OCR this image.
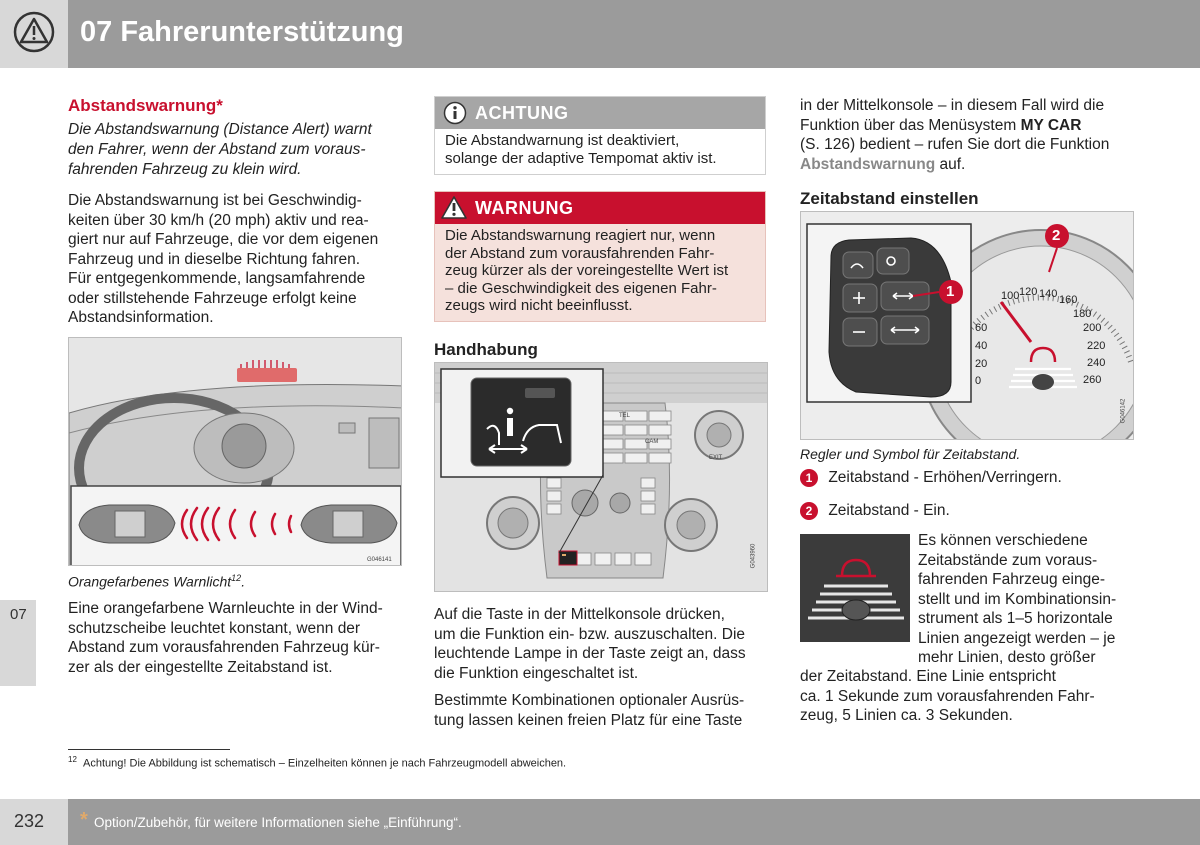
07 Fahrerunterstützung
07
Abstandswarnung*
Die Abstandswarnung (Distance Alert) warnt
den Fahrer, wenn der Abstand zum voraus-
fahrenden Fahrzeug zu klein wird.
Die Abstandswarnung ist bei Geschwindig-
keiten über 30 km/h (20 mph) aktiv und rea-
giert nur auf Fahrzeuge, die vor dem eigenen
Fahrzeug und in dieselbe Richtung fahren.
Für entgegenkommende, langsamfahrende
oder stillstehende Fahrzeuge erfolgt keine
Abstandsinformation.
G046141
Orangefarbenes Warnlicht$^{12}$.
Eine orangefarbene Warnleuchte in der Wind-
schutzscheibe leuchtet konstant, wenn der
Abstand zum vorausfahrenden Fahrzeug kür-
zer als der eingestellte Zeitabstand ist.
ACHTUNG
Die Abstandwarnung ist deaktiviert,
solange der adaptive Tempomat aktiv ist.
WARNUNG
Die Abstandswarnung reagiert nur, wenn
der Abstand zum vorausfahrenden Fahr-
zeug kürzer als der voreingestellte Wert ist
– die Geschwindigkeit des eigenen Fahr-
zeugs wird nicht beeinflusst.
Handhabung
TEL
CAM
EXIT
G043960
Auf die Taste in der Mittelkonsole drücken,
um die Funktion ein- bzw. auszuschalten. Die
leuchtende Lampe in der Taste zeigt an, dass
die Funktion eingeschaltet ist.
Bestimmte Kombinationen optionaler Ausrüs-
tung lassen keinen freien Platz für eine Taste
in der Mittelkonsole – in diesem Fall wird die
Funktion über das Menüsystem MY CAR
(S. 126) bedient – rufen Sie dort die Funktion
Abstandswarnung auf.
Zeitabstand einstellen
1
2
100 120 140 160
180
200
220
240
260
60
40
20
0
G046142
Regler und Symbol für Zeitabstand.
1 Zeitabstand - Erhöhen/Verringern.
2 Zeitabstand - Ein.
Es können verschiedene
Zeitabstände zum voraus-
fahrenden Fahrzeug einge-
stellt und im Kombinationsin-
strument als 1–5 horizontale
Linien angezeigt werden – je
mehr Linien, desto größer
der Zeitabstand. Eine Linie entspricht
ca. 1 Sekunde zum vorausfahrenden Fahr-
zeug, 5 Linien ca. 3 Sekunden.
$^{12}$ Achtung! Die Abbildung ist schematisch – Einzelheiten können je nach Fahrzeugmodell abweichen.
232 * Option/Zubehör, für weitere Informationen siehe „Einführung“.
